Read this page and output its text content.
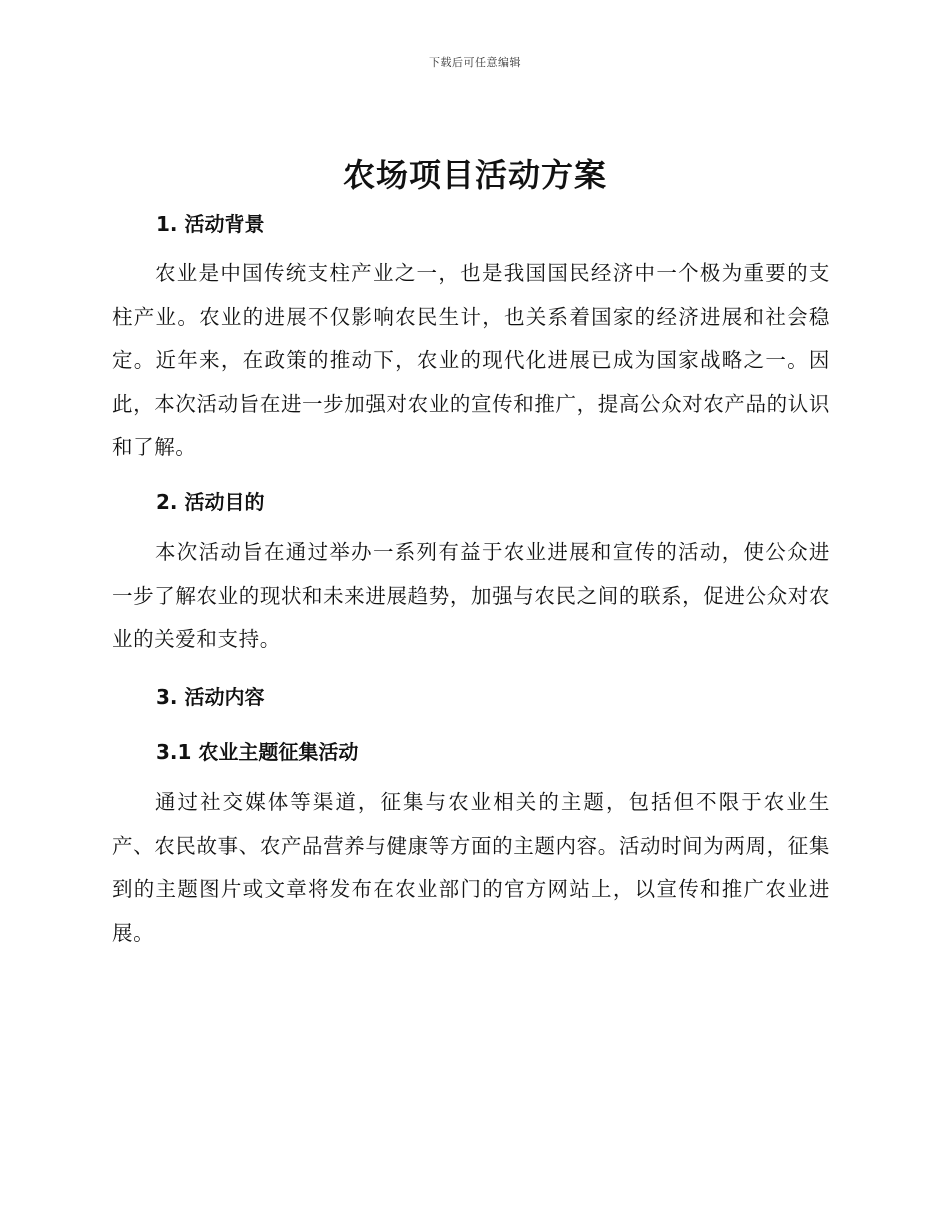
下载后可任意编辑
农场项目活动方案
1. 活动背景

农业是中国传统支柱产业之一，也是我国国民经济中一个极为重要的支柱产业。农业的进展不仅影响农民生计，也关系着国家的经济进展和社会稳定。近年来，在政策的推动下，农业的现代化进展已成为国家战略之一。因此，本次活动旨在进一步加强对农业的宣传和推广，提高公众对农产品的认识和了解。

2. 活动目的

本次活动旨在通过举办一系列有益于农业进展和宣传的活动，使公众进一步了解农业的现状和未来进展趋势，加强与农民之间的联系，促进公众对农业的关爱和支持。

3. 活动内容
3.1 农业主题征集活动

通过社交媒体等渠道，征集与农业相关的主题，包括但不限于农业生产、农民故事、农产品营养与健康等方面的主题内容。活动时间为两周，征集到的主题图片或文章将发布在农业部门的官方网站上，以宣传和推广农业进展。
